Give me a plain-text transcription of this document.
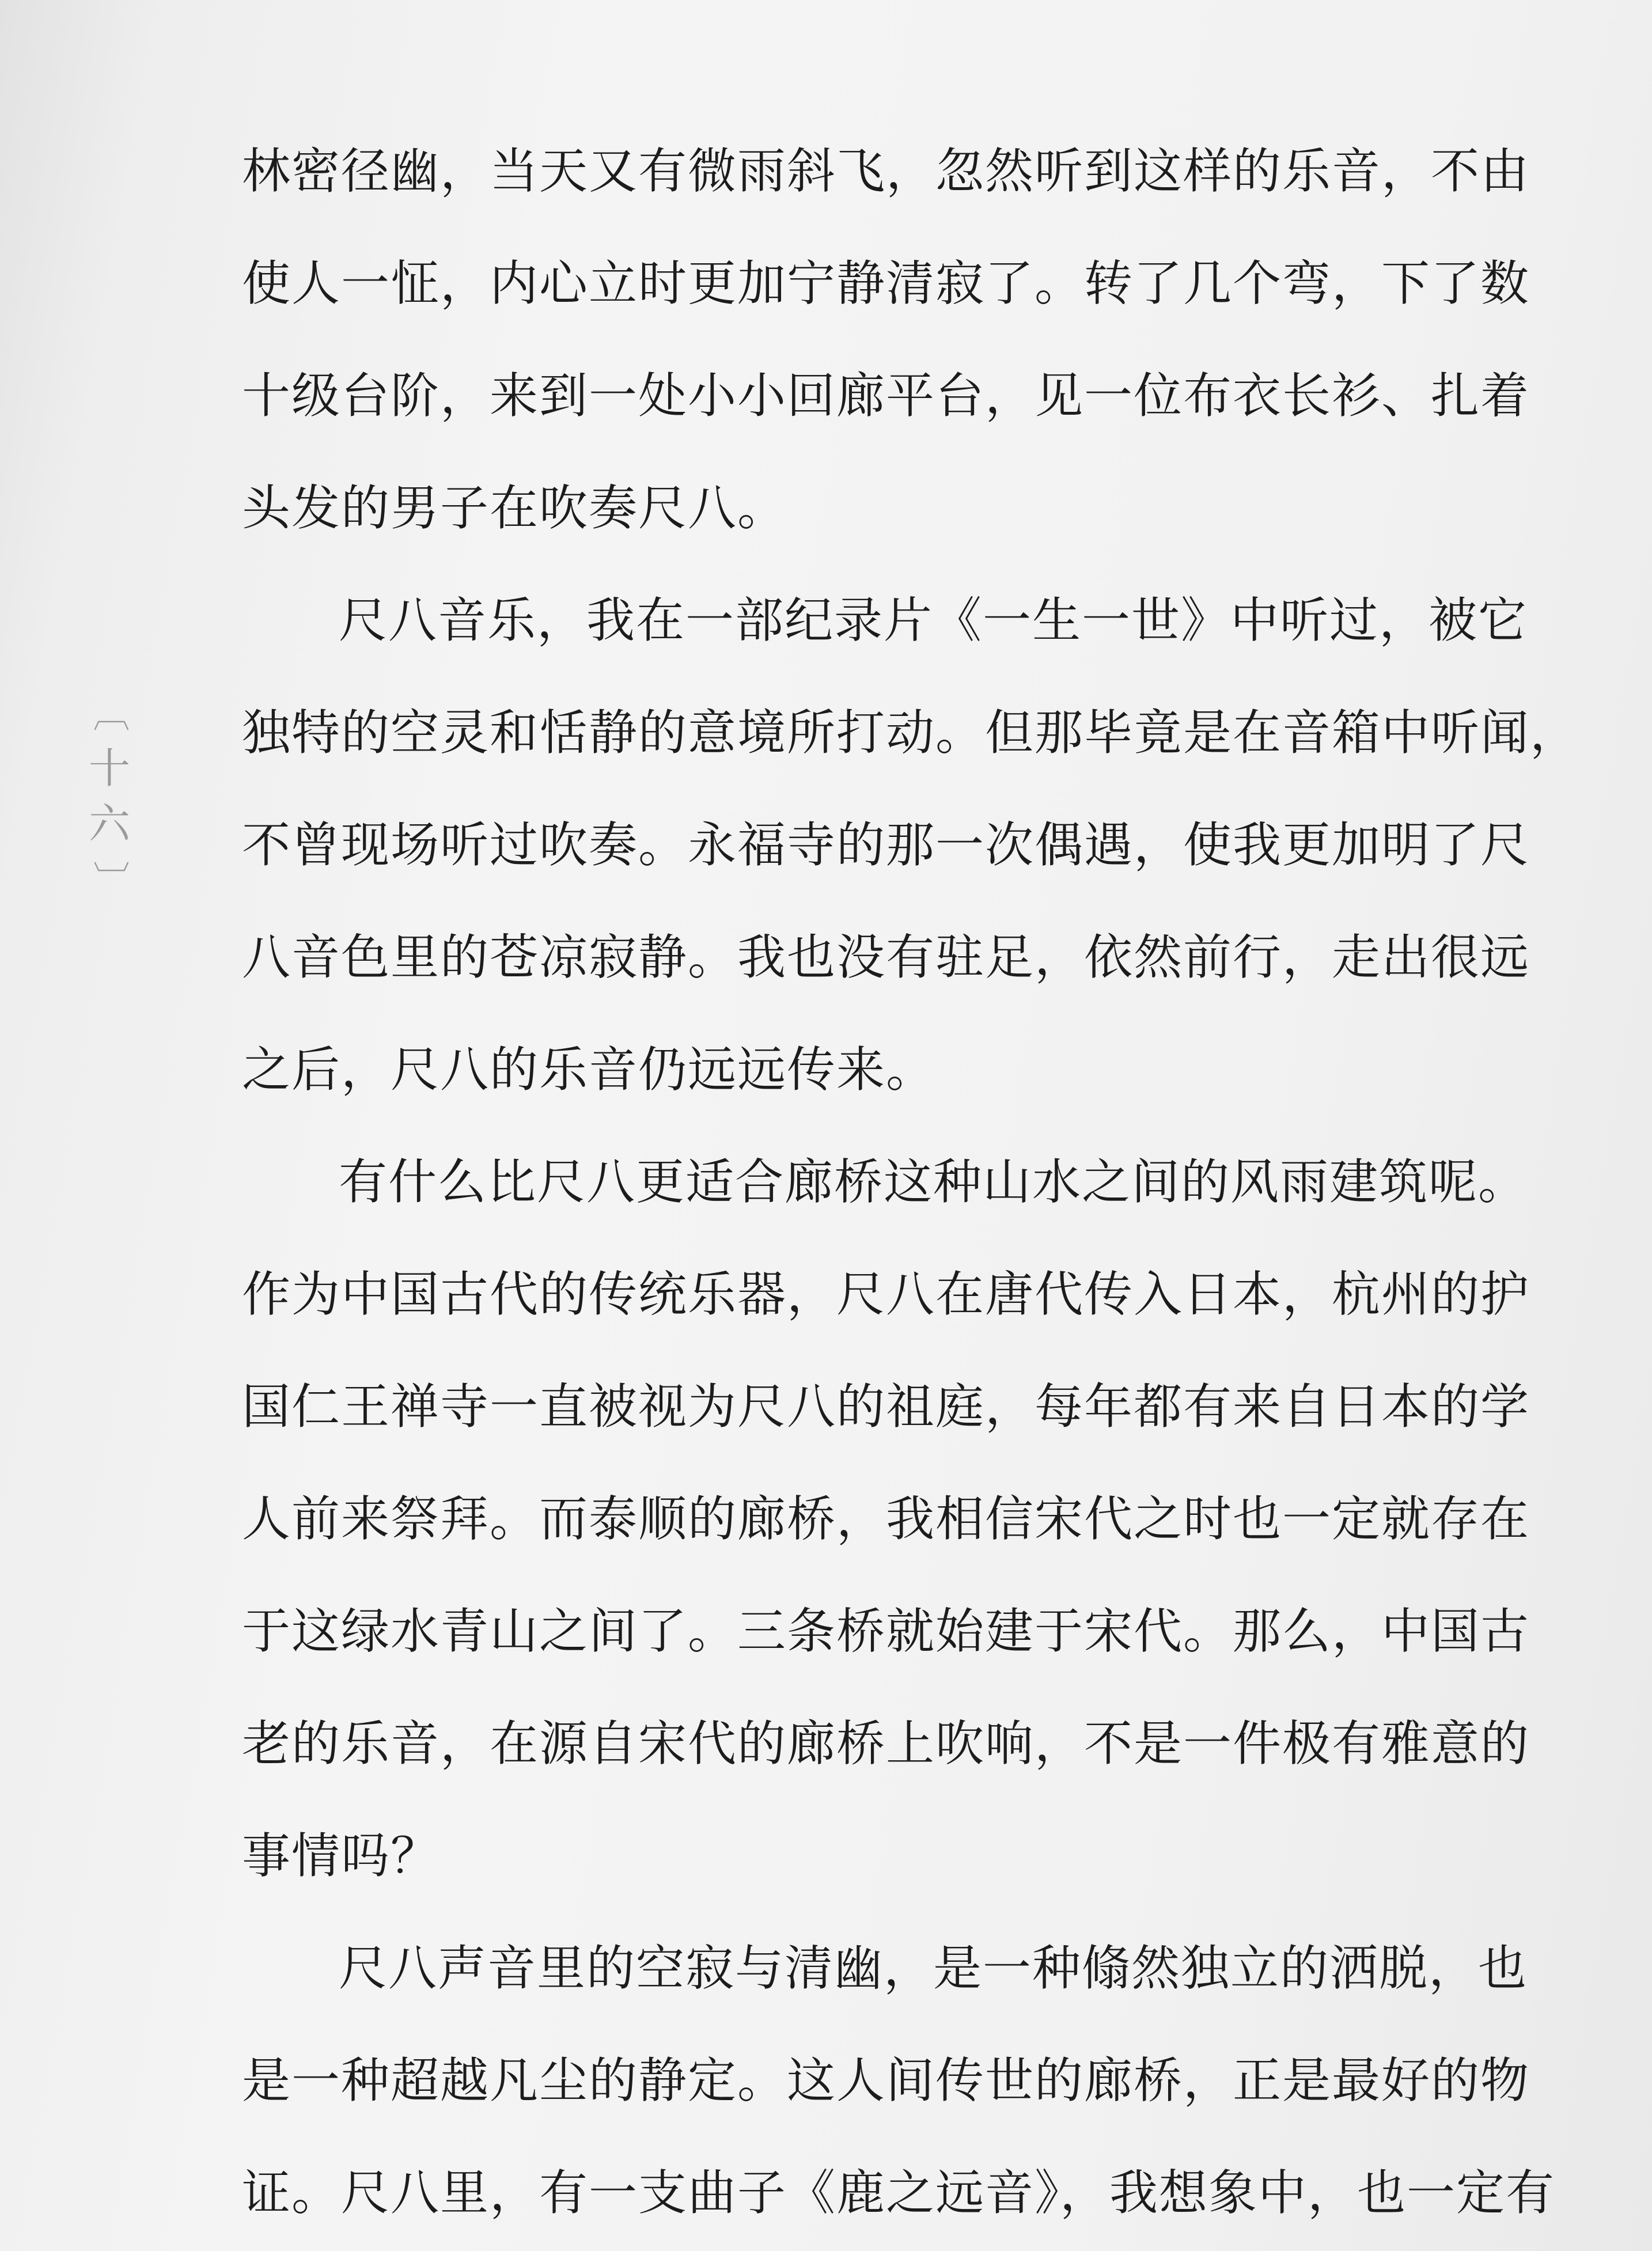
〔
十
六
〕
林密径幽，当天又有微雨斜飞，忽然听到这样的乐音，不由
使人一怔，内心立时更加宁静清寂了。转了几个弯，下了数
十级台阶，来到一处小小回廊平台，见一位布衣长衫、扎着
头发的男子在吹奏尺八。
尺八音乐，我在一部纪录片《一生一世》中听过，被它
独特的空灵和恬静的意境所打动。但那毕竟是在音箱中听闻，
不曾现场听过吹奏。永福寺的那一次偶遇，使我更加明了尺
八音色里的苍凉寂静。我也没有驻足，依然前行，走出很远
之后，尺八的乐音仍远远传来。
有什么比尺八更适合廊桥这种山水之间的风雨建筑呢。
作为中国古代的传统乐器，尺八在唐代传入日本，杭州的护
国仁王禅寺一直被视为尺八的祖庭，每年都有来自日本的学
人前来祭拜。而泰顺的廊桥，我相信宋代之时也一定就存在
于这绿水青山之间了。三条桥就始建于宋代。那么，中国古
老的乐音，在源自宋代的廊桥上吹响，不是一件极有雅意的
事情吗？
尺八声音里的空寂与清幽，是一种翛然独立的洒脱，也
是一种超越凡尘的静定。这人间传世的廊桥，正是最好的物
证。尺八里，有一支曲子《鹿之远音》，我想象中，也一定有
